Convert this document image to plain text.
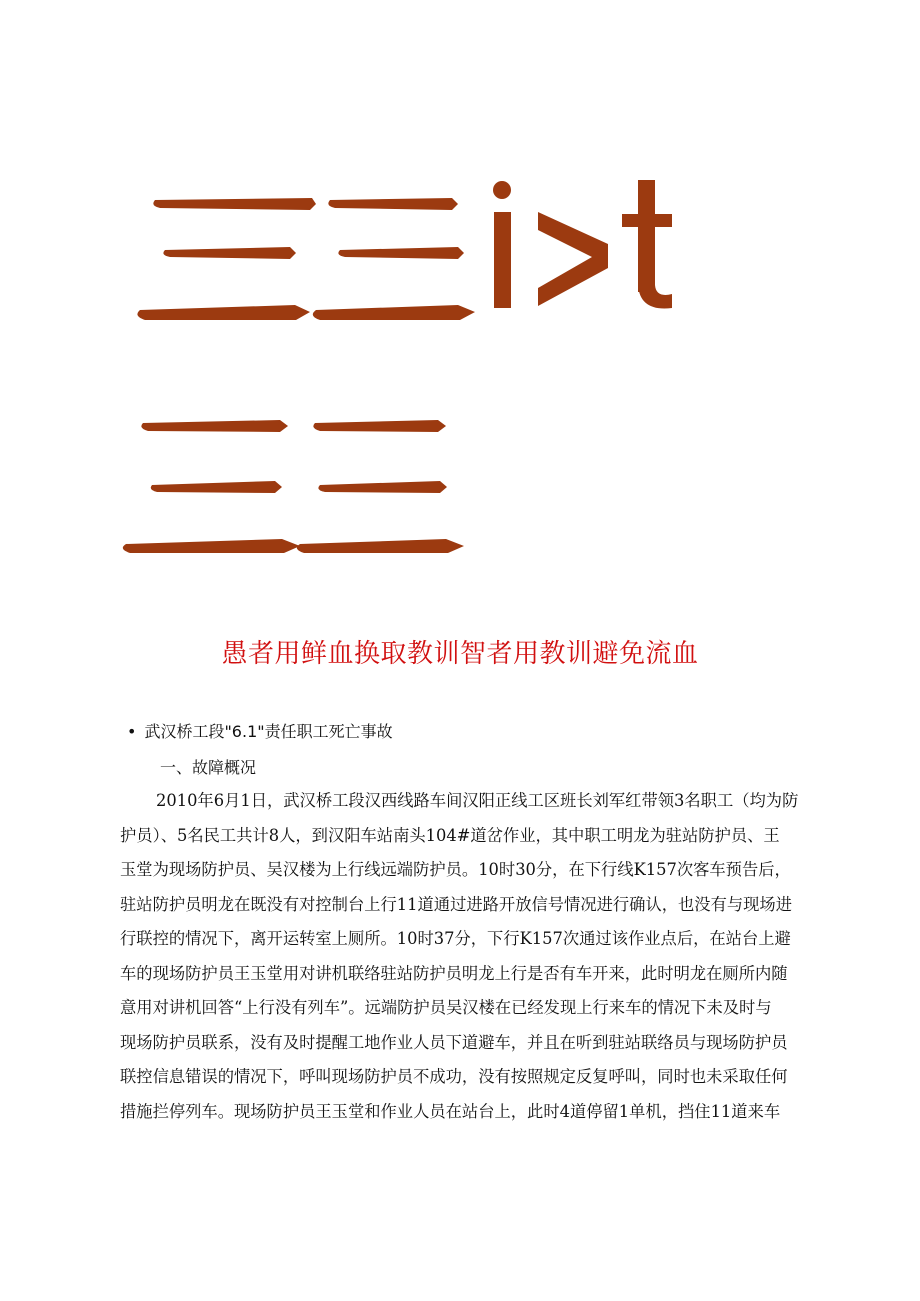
愚者用鲜血换取教训智者用教训避免流血
• 武汉桥工段"6.1"责任职工死亡事故
一、故障概况
2010年6月1日，武汉桥工段汉西线路车间汉阳正线工区班长刘军红带领3名职工（均为防
护员）、5名民工共计8人，到汉阳车站南头104#道岔作业，其中职工明龙为驻站防护员、王
玉堂为现场防护员、吴汉楼为上行线远端防护员。10时30分，在下行线K157次客车预告后，
驻站防护员明龙在既没有对控制台上行11道通过进路开放信号情况进行确认，也没有与现场进
行联控的情况下，离开运转室上厕所。10时37分，下行K157次通过该作业点后，在站台上避
车的现场防护员王玉堂用对讲机联络驻站防护员明龙上行是否有车开来，此时明龙在厕所内随
意用对讲机回答“上行没有列车”。远端防护员吴汉楼在已经发现上行来车的情况下未及时与
现场防护员联系，没有及时提醒工地作业人员下道避车，并且在听到驻站联络员与现场防护员
联控信息错误的情况下，呼叫现场防护员不成功，没有按照规定反复呼叫，同时也未采取任何
措施拦停列车。现场防护员王玉堂和作业人员在站台上，此时4道停留1单机，挡住11道来车
